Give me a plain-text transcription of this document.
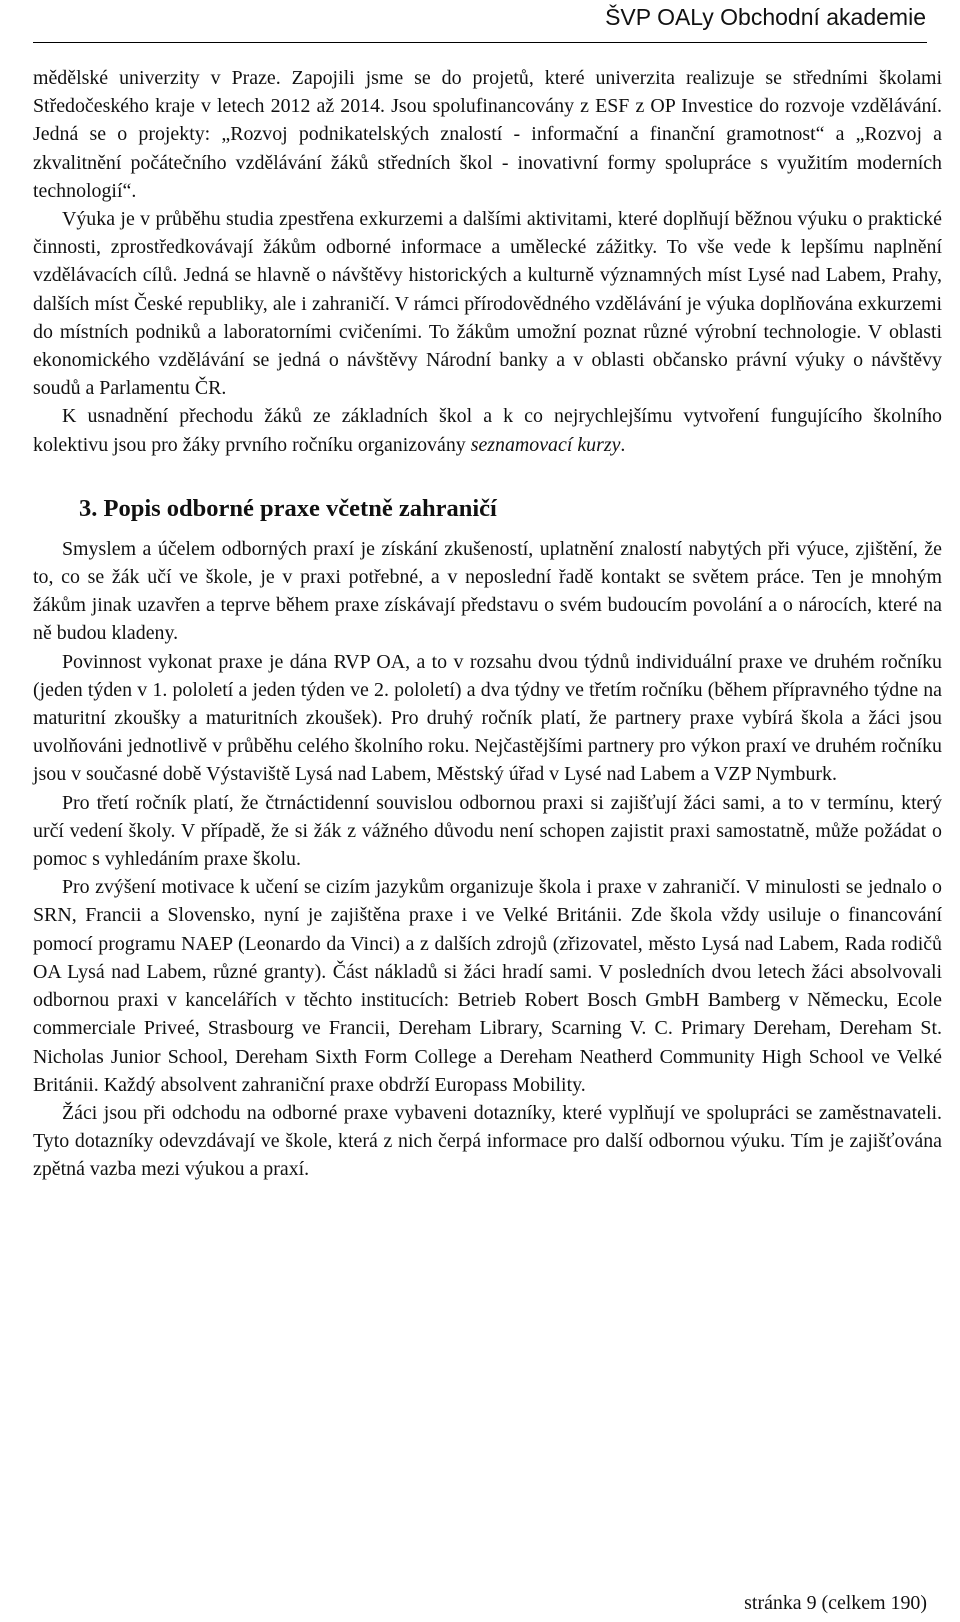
ŠVP OALy Obchodní akademie

mědělské univerzity v Praze. Zapojili jsme se do projetů, které univerzita realizuje se středními školami Středočeského kraje v letech 2012 až 2014. Jsou spolufinancovány z ESF z OP Investice do rozvoje vzdělávání. Jedná se o projekty: „Rozvoj podnikatelských znalostí - informační a finanční gramotnost“ a „Rozvoj a zkvalitnění počátečního vzdělávání žáků středních škol - inovativní formy spolupráce s využitím moderních technologií“.

Výuka je v průběhu studia zpestřena exkurzemi a dalšími aktivitami, které doplňují běžnou výuku o praktické činnosti, zprostředkovávají žákům odborné informace a umělecké zážitky. To vše vede k lepšímu naplnění vzdělávacích cílů. Jedná se hlavně o návštěvy historických a kulturně významných míst Lysé nad Labem, Prahy, dalších míst České republiky, ale i zahraničí. V rámci přírodovědného vzdělávání je výuka doplňována exkurzemi do místních podniků a laboratorními cvičeními. To žákům umožní poznat různé výrobní technologie. V oblasti ekonomického vzdělávání se jedná o návštěvy Národní banky a v oblasti občansko právní výuky o návštěvy soudů a Parlamentu ČR.

K usnadnění přechodu žáků ze základních škol a k co nejrychlejšímu vytvoření fungujícího školního kolektivu jsou pro žáky prvního ročníku organizovány seznamovací kurzy.

3. Popis odborné praxe včetně zahraničí

Smyslem a účelem odborných praxí je získání zkušeností, uplatnění znalostí nabytých při výuce, zjištění, že to, co se žák učí ve škole, je v praxi potřebné, a v neposlední řadě kontakt se světem práce. Ten je mnohým žákům jinak uzavřen a teprve během praxe získávají představu o svém budoucím povolání a o nárocích, které na ně budou kladeny.

Povinnost vykonat praxe je dána RVP OA, a to v rozsahu dvou týdnů individuální praxe ve druhém ročníku (jeden týden v 1. pololetí a jeden týden ve 2. pololetí) a dva týdny ve třetím ročníku (během přípravného týdne na maturitní zkoušky a maturitních zkoušek). Pro druhý ročník platí, že partnery praxe vybírá škola a žáci jsou uvolňováni jednotlivě v průběhu celého školního roku. Nejčastějšími partnery pro výkon praxí ve druhém ročníku jsou v současné době Výstaviště Lysá nad Labem, Městský úřad v Lysé nad Labem a VZP Nymburk.

Pro třetí ročník platí, že čtrnáctidenní souvislou odbornou praxi si zajišťují žáci sami, a to v termínu, který určí vedení školy. V případě, že si žák z vážného důvodu není schopen zajistit praxi samostatně, může požádat o pomoc s vyhledáním praxe školu.

Pro zvýšení motivace k učení se cizím jazykům organizuje škola i praxe v zahraničí. V minulosti se jednalo o SRN, Francii a Slovensko, nyní je zajištěna praxe i ve Velké Británii. Zde škola vždy usiluje o financování pomocí programu NAEP (Leonardo da Vinci) a z dalších zdrojů (zřizovatel, město Lysá nad Labem, Rada rodičů OA Lysá nad Labem, různé granty). Část nákladů si žáci hradí sami. V posledních dvou letech žáci absolvovali odbornou praxi v kancelářích v těchto institucích: Betrieb Robert Bosch GmbH Bamberg v Německu, Ecole commerciale Priveé, Strasbourg ve Francii, Dereham Library, Scarning V. C. Primary Dereham, Dereham St. Nicholas Junior School, Dereham Sixth Form College a Dereham Neatherd Community High School ve Velké Británii. Každý absolvent zahraniční praxe obdrží Europass Mobility.

Žáci jsou při odchodu na odborné praxe vybaveni dotazníky, které vyplňují ve spolupráci se zaměstnavateli. Tyto dotazníky odevzdávají ve škole, která z nich čerpá informace pro další odbornou výuku. Tím je zajišťována zpětná vazba mezi výukou a praxí.

stránka 9 (celkem 190)
